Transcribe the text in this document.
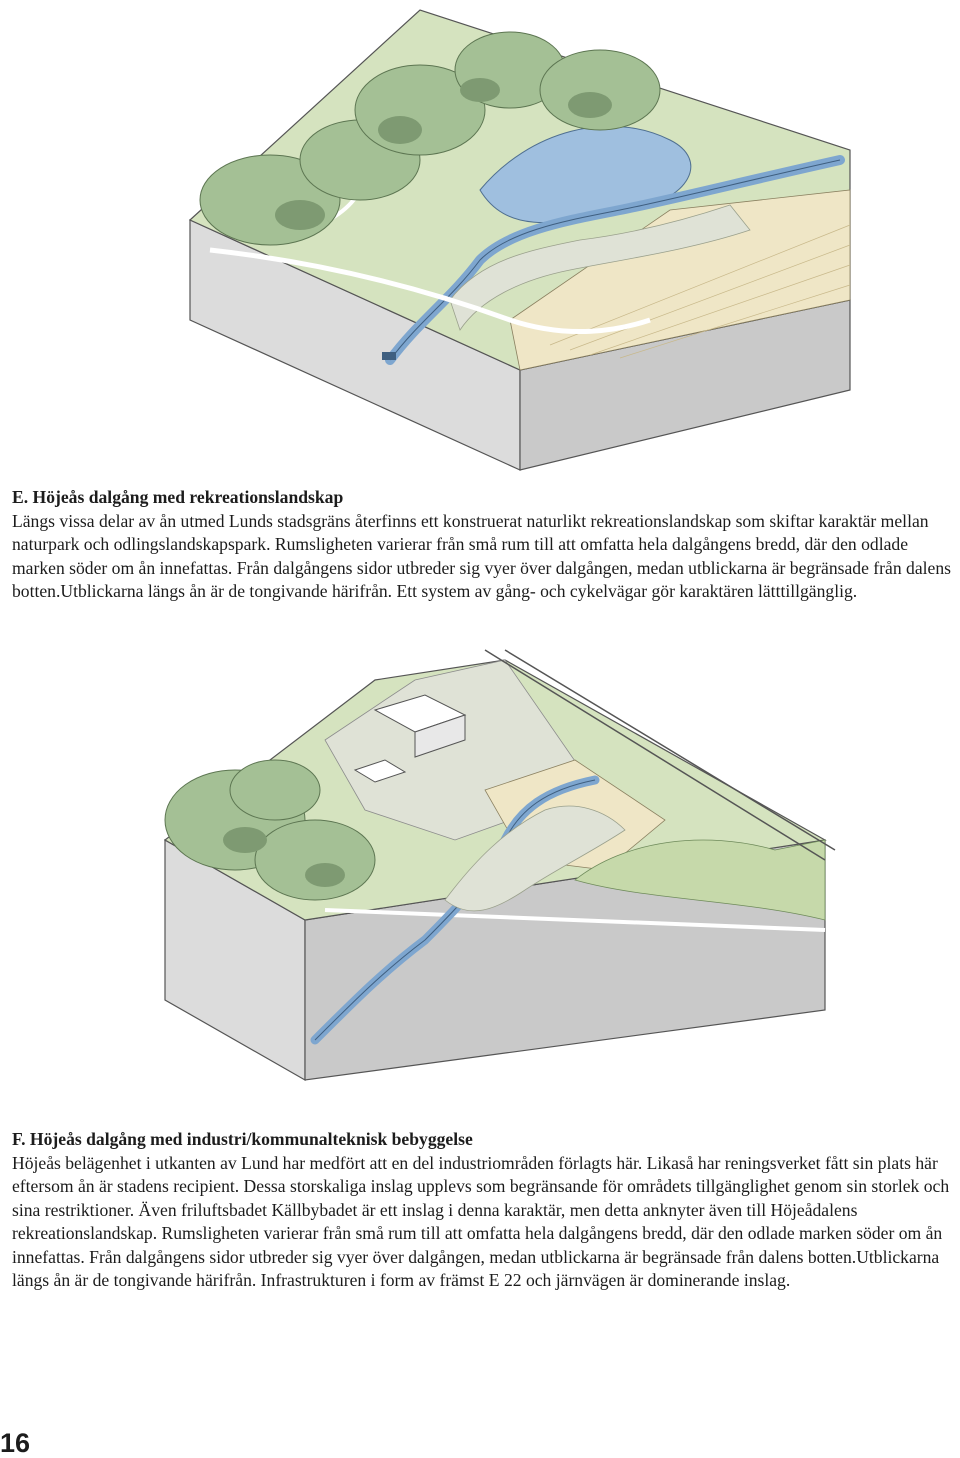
E. Höjeås dalgång med rekreationslandskap

Längs vissa delar av ån utmed Lunds stadsgräns återfinns ett konstruerat naturlikt rekreationslandskap som skiftar karaktär mellan naturpark och odlingslandskapspark. Rumsligheten varierar från små rum till att omfatta hela dalgångens bredd, där den odlade marken söder om ån innefattas. Från dalgångens sidor utbreder sig vyer över dalgången, medan utblickarna är begränsade från dalens botten.Utblickarna längs ån är de tongivande härifrån. Ett system av gång- och cykelvägar gör karaktären lätttillgänglig.

F. Höjeås dalgång med industri/kommunalteknisk bebyggelse

Höjeås belägenhet i utkanten av Lund har medfört att en del industriområden förlagts här. Likaså har reningsverket fått sin plats här eftersom ån är stadens recipient. Dessa storskaliga inslag upplevs som begränsande för områdets tillgänglighet genom sin storlek och sina restriktioner. Även friluftsbadet Källbybadet är ett inslag i denna karaktär, men detta anknyter även till Höjeådalens rekreationslandskap. Rumsligheten varierar från små rum till att omfatta hela dalgångens bredd, där den odlade marken söder om ån innefattas. Från dalgångens sidor utbreder sig vyer över dalgången, medan utblickarna är begränsade från dalens botten.Utblickarna längs ån är de tongivande härifrån. Infrastrukturen i form av främst E 22 och järnvägen är dominerande inslag.

16
